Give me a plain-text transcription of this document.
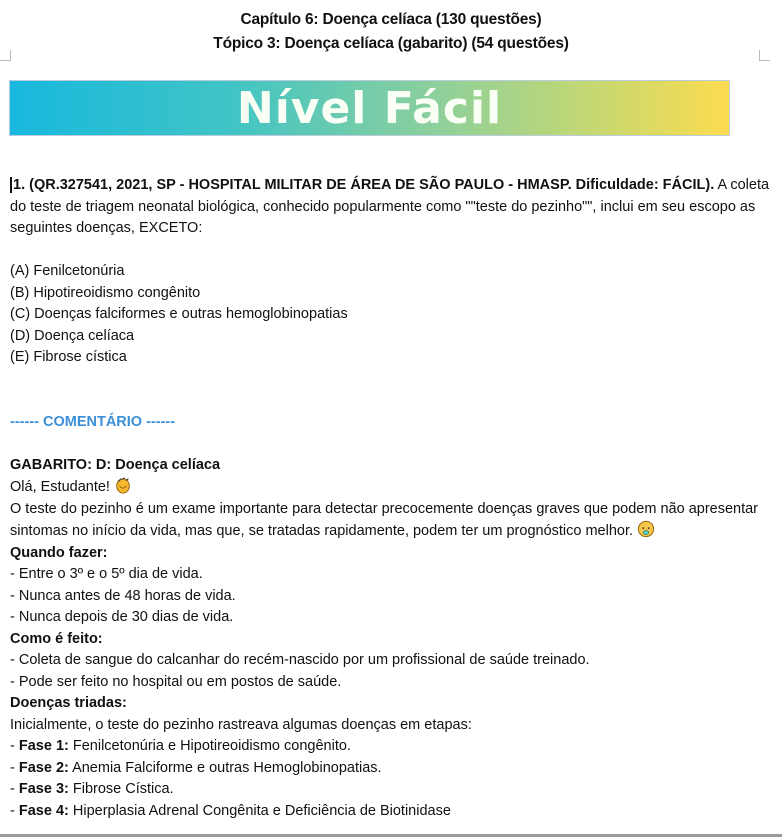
Capítulo 6: Doença celíaca (130 questões)
Tópico 3: Doença celíaca (gabarito) (54 questões)
Nível Fácil

1. (QR.327541, 2021, SP - HOSPITAL MILITAR DE ÁREA DE SÃO PAULO - HMASP. Dificuldade: FÁCIL). A coleta do teste de triagem neonatal biológica, conhecido popularmente como ""teste do pezinho"", inclui em seu escopo as seguintes doenças, EXCETO:

(A) Fenilcetonúria

(B) Hipotireoidismo congênito

(C) Doenças falciformes e outras hemoglobinopatias

(D) Doença celíaca

(E) Fibrose cística

------ COMENTÁRIO ------

GABARITO: D: Doença celíaca

Olá, Estudante!

O teste do pezinho é um exame importante para detectar precocemente doenças graves que podem não apresentar sintomas no início da vida, mas que, se tratadas rapidamente, podem ter um prognóstico melhor.

Quando fazer:

- Entre o 3º e o 5º dia de vida.

- Nunca antes de 48 horas de vida.

- Nunca depois de 30 dias de vida.

Como é feito:

- Coleta de sangue do calcanhar do recém-nascido por um profissional de saúde treinado.

- Pode ser feito no hospital ou em postos de saúde.

Doenças triadas:

Inicialmente, o teste do pezinho rastreava algumas doenças em etapas:

- Fase 1: Fenilcetonúria e Hipotireoidismo congênito.

- Fase 2: Anemia Falciforme e outras Hemoglobinopatias.

- Fase 3: Fibrose Cística.

- Fase 4: Hiperplasia Adrenal Congênita e Deficiência de Biotinidase
